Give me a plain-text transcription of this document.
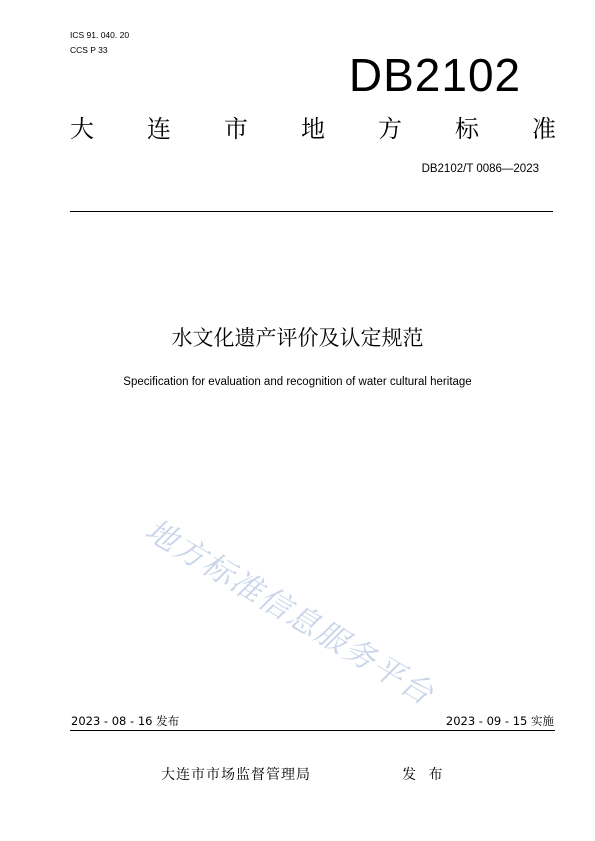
ICS 91. 040. 20
CCS P 33	DB2102
大 连 市 地 方 标 准
DB2102/T 0086—2023
水文化遗产评价及认定规范
Specification for evaluation and recognition of water cultural heritage
地方标准信息服务平台
2023 - 08 - 16 发布	2023 - 09 - 15 实施
大连市市场监督管理局	发 布
